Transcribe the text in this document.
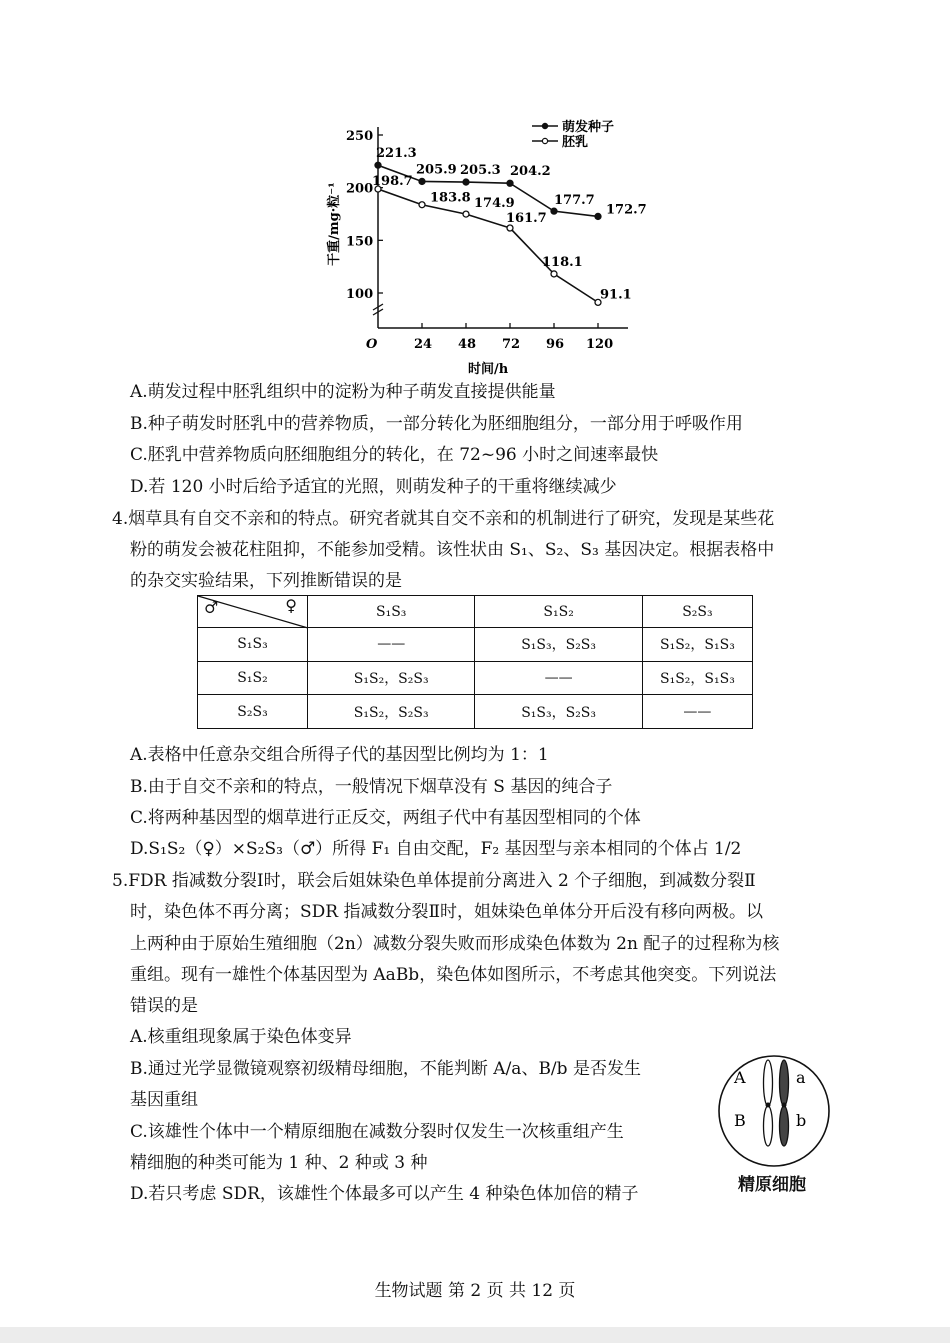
100
150
200
250
O	24 48 72 96 120
时间/h
干重/mg·粒⁻¹
221.3
205.9 205.3 204.2
177.7
172.7
198.7
183.8 174.9
161.7
118.1
91.1
萌发种子
胚乳
A.萌发过程中胚乳组织中的淀粉为种子萌发直接提供能量
B.种子萌发时胚乳中的营养物质，一部分转化为胚细胞组分，一部分用于呼吸作用
C.胚乳中营养物质向胚细胞组分的转化，在 72~96 小时之间速率最快
D.若 120 小时后给予适宜的光照，则萌发种子的干重将继续减少
4.烟草具有自交不亲和的特点。研究者就其自交不亲和的机制进行了研究，发现是某些花
粉的萌发会被花柱阻抑，不能参加受精。该性状由 S₁、S₂、S₃ 基因决定。根据表格中
的杂交实验结果，下列推断错误的是
♂ ♀	S₁S₃	S₁S₂	S₂S₃
S₁S₃	——	S₁S₃，S₂S₃	S₁S₂，S₁S₃
S₁S₂	S₁S₂，S₂S₃	——	S₁S₂，S₁S₃
S₂S₃	S₁S₂，S₂S₃	S₁S₃，S₂S₃	——
A.表格中任意杂交组合所得子代的基因型比例均为 1：1
B.由于自交不亲和的特点，一般情况下烟草没有 S 基因的纯合子
C.将两种基因型的烟草进行正反交，两组子代中有基因型相同的个体
D.S₁S₂（♀）×S₂S₃（♂）所得 F₁ 自由交配，F₂ 基因型与亲本相同的个体占 1/2
5.FDR 指减数分裂Ⅰ时，联会后姐妹染色单体提前分离进入 2 个子细胞，到减数分裂Ⅱ
时，染色体不再分离；SDR 指减数分裂Ⅱ时，姐妹染色单体分开后没有移向两极。以
上两种由于原始生殖细胞（2n）减数分裂失败而形成染色体数为 2n 配子的过程称为核
重组。现有一雄性个体基因型为 AaBb，染色体如图所示，不考虑其他突变。下列说法
错误的是
A.核重组现象属于染色体变异
B.通过光学显微镜观察初级精母细胞，不能判断 A/a、B/b 是否发生
基因重组
C.该雄性个体中一个精原细胞在减数分裂时仅发生一次核重组产生
精细胞的种类可能为 1 种、2 种或 3 种
D.若只考虑 SDR，该雄性个体最多可以产生 4 种染色体加倍的精子
A
B
a
b
精原细胞
生物试题 第 2 页 共 12 页
